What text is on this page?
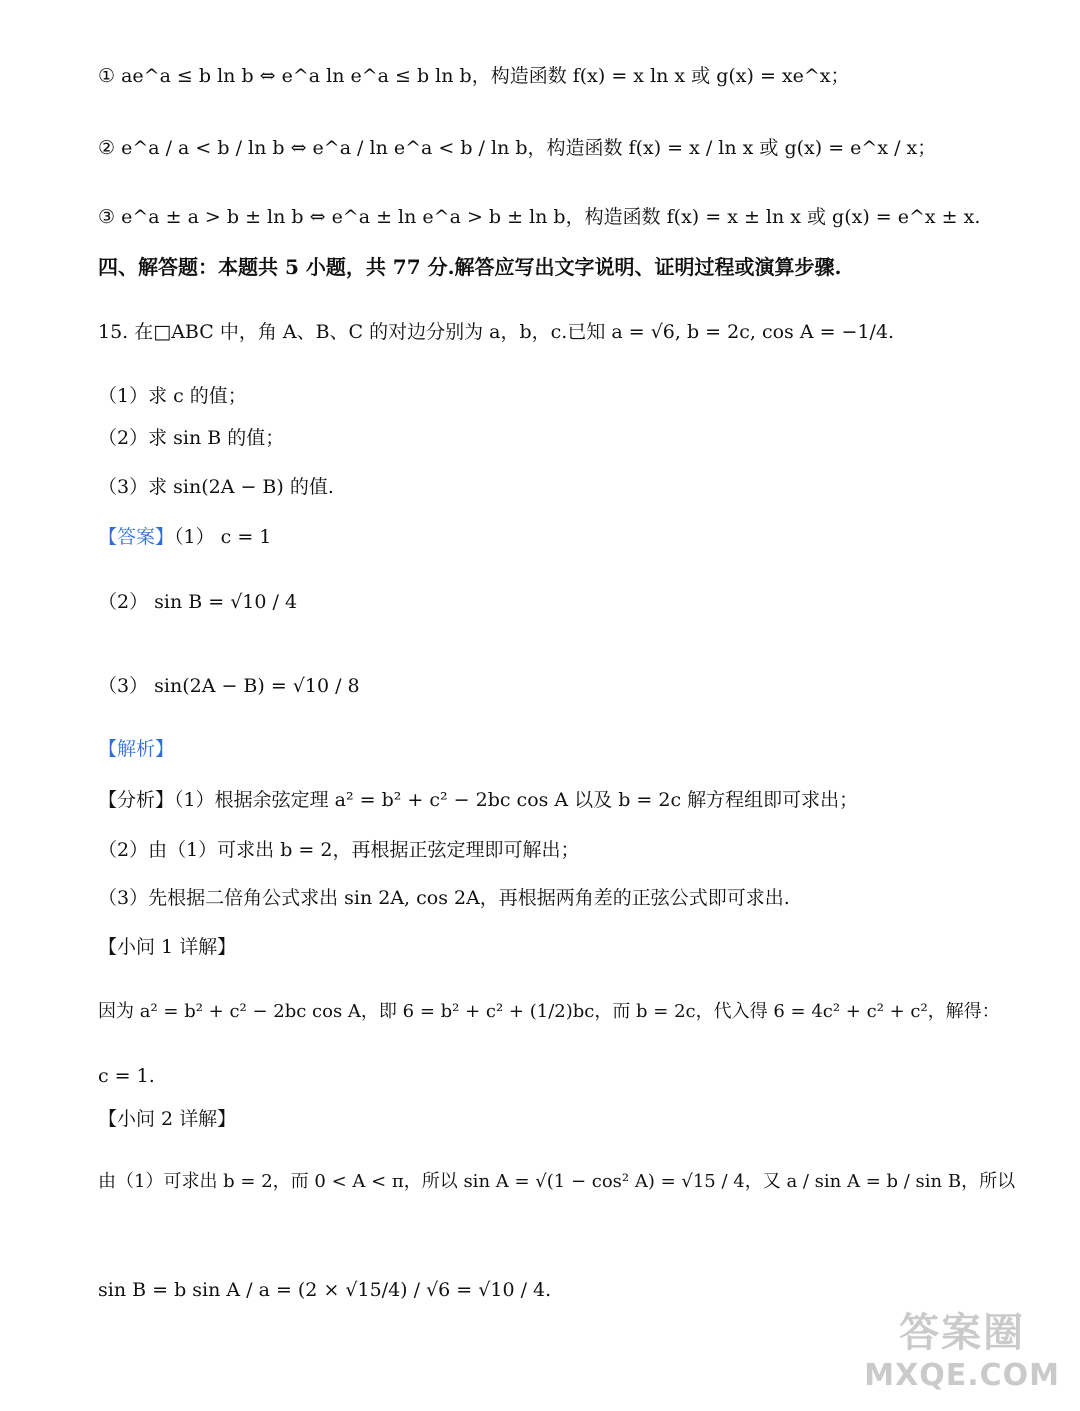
① ae^a ≤ b ln b ⇔ e^a ln e^a ≤ b ln b，构造函数 f(x) = x ln x 或 g(x) = xe^x；
② e^a / a < b / ln b ⇔ e^a / ln e^a < b / ln b，构造函数 f(x) = x / ln x 或 g(x) = e^x / x；
③ e^a ± a > b ± ln b ⇔ e^a ± ln e^a > b ± ln b，构造函数 f(x) = x ± ln x 或 g(x) = e^x ± x.
四、解答题：本题共 5 小题，共 77 分.解答应写出文字说明、证明过程或演算步骤.
15. 在□ABC 中，角 A、B、C 的对边分别为 a，b，c.已知 a = √6, b = 2c, cos A = −1/4.
（1）求 c 的值；
（2）求 sin B 的值；
（3）求 sin(2A − B) 的值.
【答案】（1） c = 1
（2） sin B = √10 / 4
（3） sin(2A − B) = √10 / 8
【解析】
【分析】（1）根据余弦定理 a² = b² + c² − 2bc cos A 以及 b = 2c 解方程组即可求出；
（2）由（1）可求出 b = 2，再根据正弦定理即可解出；
（3）先根据二倍角公式求出 sin 2A, cos 2A，再根据两角差的正弦公式即可求出.
【小问 1 详解】
因为 a² = b² + c² − 2bc cos A，即 6 = b² + c² + (1/2)bc，而 b = 2c，代入得 6 = 4c² + c² + c²，解得：
c = 1.
【小问 2 详解】
由（1）可求出 b = 2，而 0 < A < π，所以 sin A = √(1 − cos² A) = √15 / 4，又 a / sin A = b / sin B，所以
sin B = b sin A / a = (2 × √15/4) / √6 = √10 / 4.
答案圈
MXQE.COM
